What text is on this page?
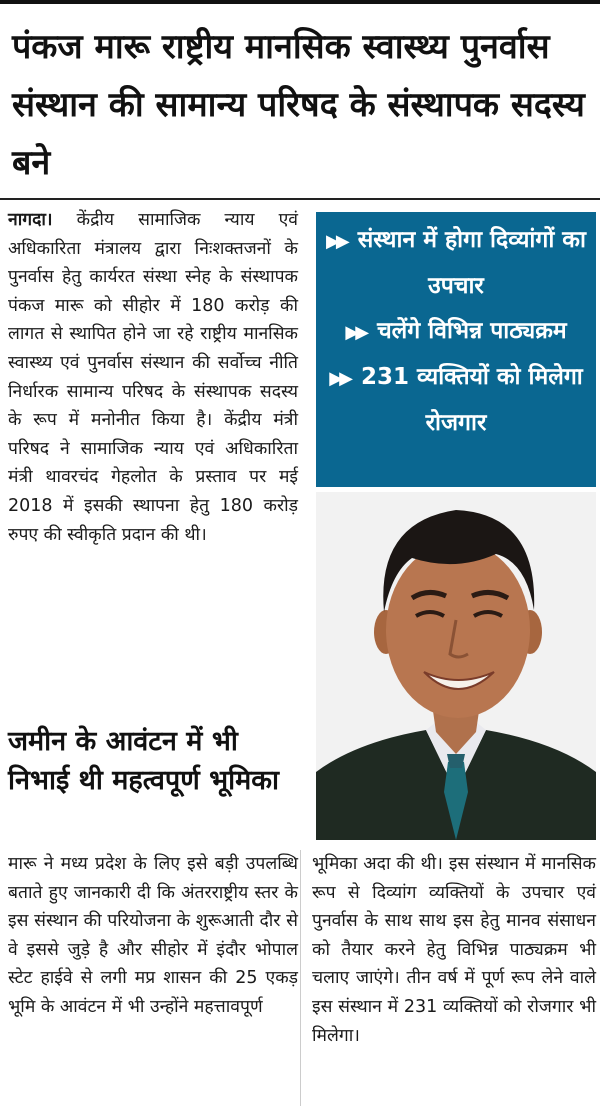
पंकज मारू राष्ट्रीय मानसिक स्वास्थ्य पुनर्वास संस्थान की सामान्य परिषद के संस्थापक सदस्य बने

नागदा। केंद्रीय सामाजिक न्याय एवं अधिकारिता मंत्रालय द्वारा निःशक्तजनों के पुनर्वास हेतु कार्यरत संस्था स्नेह के संस्थापक पंकज मारू को सीहोर में 180 करोड़ की लागत से स्थापित होने जा रहे राष्ट्रीय मानसिक स्वास्थ्य एवं पुनर्वास संस्थान की सर्वोच्च नीति निर्धारक सामान्य परिषद के संस्थापक सदस्य के रूप में मनोनीत किया है। केंद्रीय मंत्री परिषद ने सामाजिक न्याय एवं अधिकारिता मंत्री थावरचंद गेहलोत के प्रस्ताव पर मई 2018 में इसकी स्थापना हेतु 180 करोड़ रुपए की स्वीकृति प्रदान की थी।

▶▶ संस्थान में होगा दिव्यांगों का उपचार
▶▶ चलेंगे विभिन्न पाठ्यक्रम
▶▶ 231 व्यक्तियों को मिलेगा रोजगार
जमीन के आवंटन में भी निभाई थी महत्वपूर्ण भूमिका

मारू ने मध्य प्रदेश के लिए इसे बड़ी उपलब्धि बताते हुए जानकारी दी कि अंतरराष्ट्रीय स्तर के इस संस्थान की परियोजना के शुरूआती दौर से वे इससे जुड़े है और सीहोर में इंदौर भोपाल स्टेट हाईवे से लगी मप्र शासन की 25 एकड़ भूमि के आवंटन में भी उन्होंने महत्तावपूर्ण

भूमिका अदा की थी। इस संस्थान में मानसिक रूप से दिव्यांग व्यक्तियों के उपचार एवं पुनर्वास के साथ साथ इस हेतु मानव संसाधन को तैयार करने हेतु विभिन्न पाठ्यक्रम भी चलाए जाएंगे। तीन वर्ष में पूर्ण रूप लेने वाले इस संस्थान में 231 व्यक्तियों को रोजगार भी मिलेगा।
